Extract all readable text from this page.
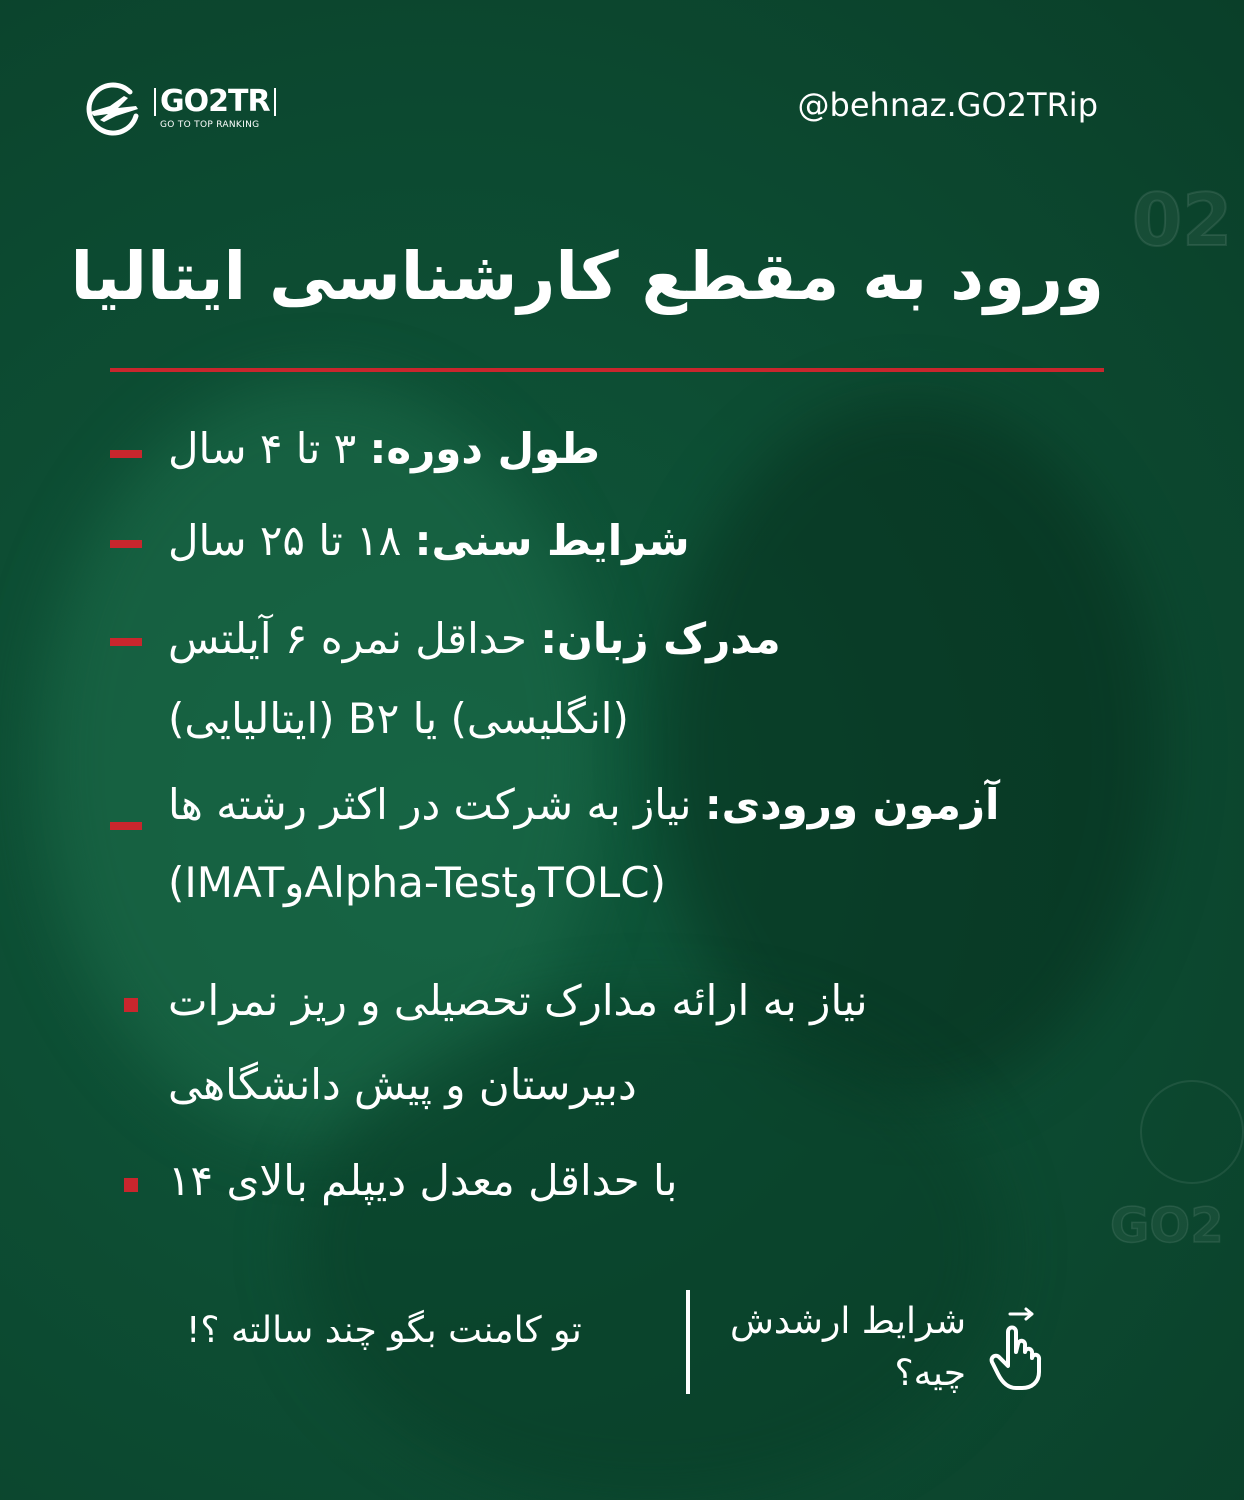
02
GO2
GO2TR
GO TO TOP RANKING
@behnaz.GO2TRip
ورود به مقطع کارشناسی ایتالیا
طول دوره: ۳ تا ۴ سال
شرایط سنی: ۱۸ تا ۲۵ سال
مدرک زبان: حداقل نمره ۶ آیلتس
(انگلیسی) یا B۲ (ایتالیایی)
آزمون ورودی: نیاز به شرکت در اکثر رشته ها
(IMATوAlpha-TestوTOLC)
نیاز به ارائه مدارک تحصیلی و ریز نمرات
دبیرستان و پیش دانشگاهی
با حداقل معدل دیپلم بالای ۱۴
تو کامنت بگو چند سالته ؟!	شرایط ارشدش
چیه؟
